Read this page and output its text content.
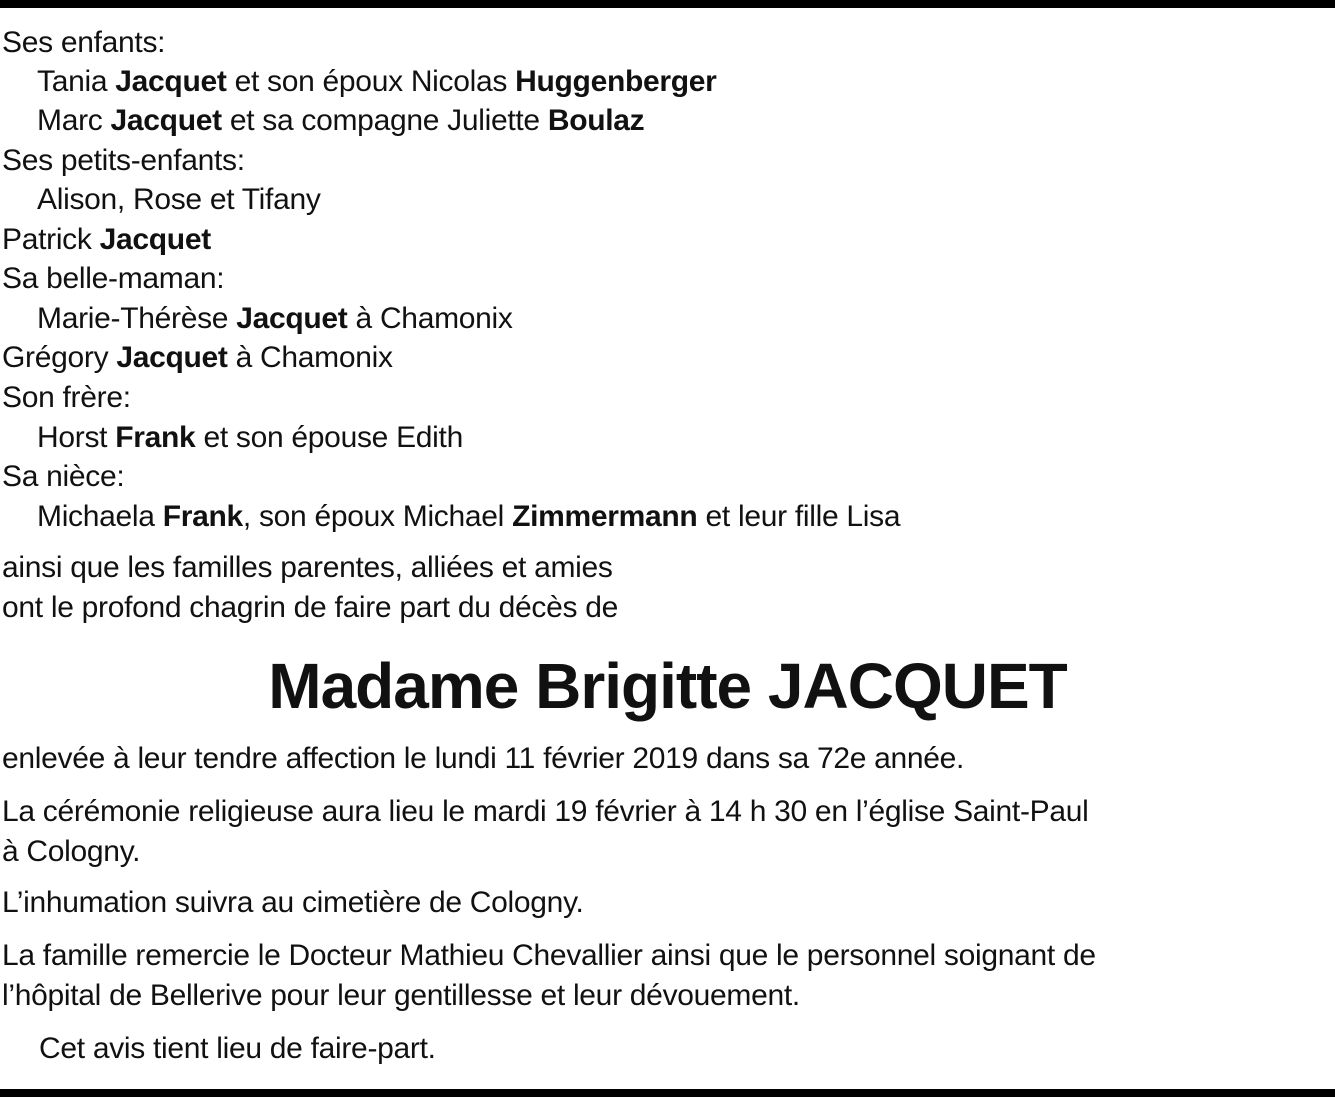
Ses enfants:
Tania Jacquet et son époux Nicolas Huggenberger
Marc Jacquet et sa compagne Juliette Boulaz
Ses petits-enfants:
Alison, Rose et Tifany
Patrick Jacquet
Sa belle-maman:
Marie-Thérèse Jacquet à Chamonix
Grégory Jacquet à Chamonix
Son frère:
Horst Frank et son épouse Edith
Sa nièce:
Michaela Frank, son époux Michael Zimmermann et leur fille Lisa
ainsi que les familles parentes, alliées et amies
ont le profond chagrin de faire part du décès de
Madame Brigitte JACQUET
enlevée à leur tendre affection le lundi 11 février 2019 dans sa 72e année.
La cérémonie religieuse aura lieu le mardi 19 février à 14 h 30 en l’église Saint-Paul
à Cologny.
L’inhumation suivra au cimetière de Cologny.
La famille remercie le Docteur Mathieu Chevallier ainsi que le personnel soignant de
l’hôpital de Bellerive pour leur gentillesse et leur dévouement.
Cet avis tient lieu de faire-part.
